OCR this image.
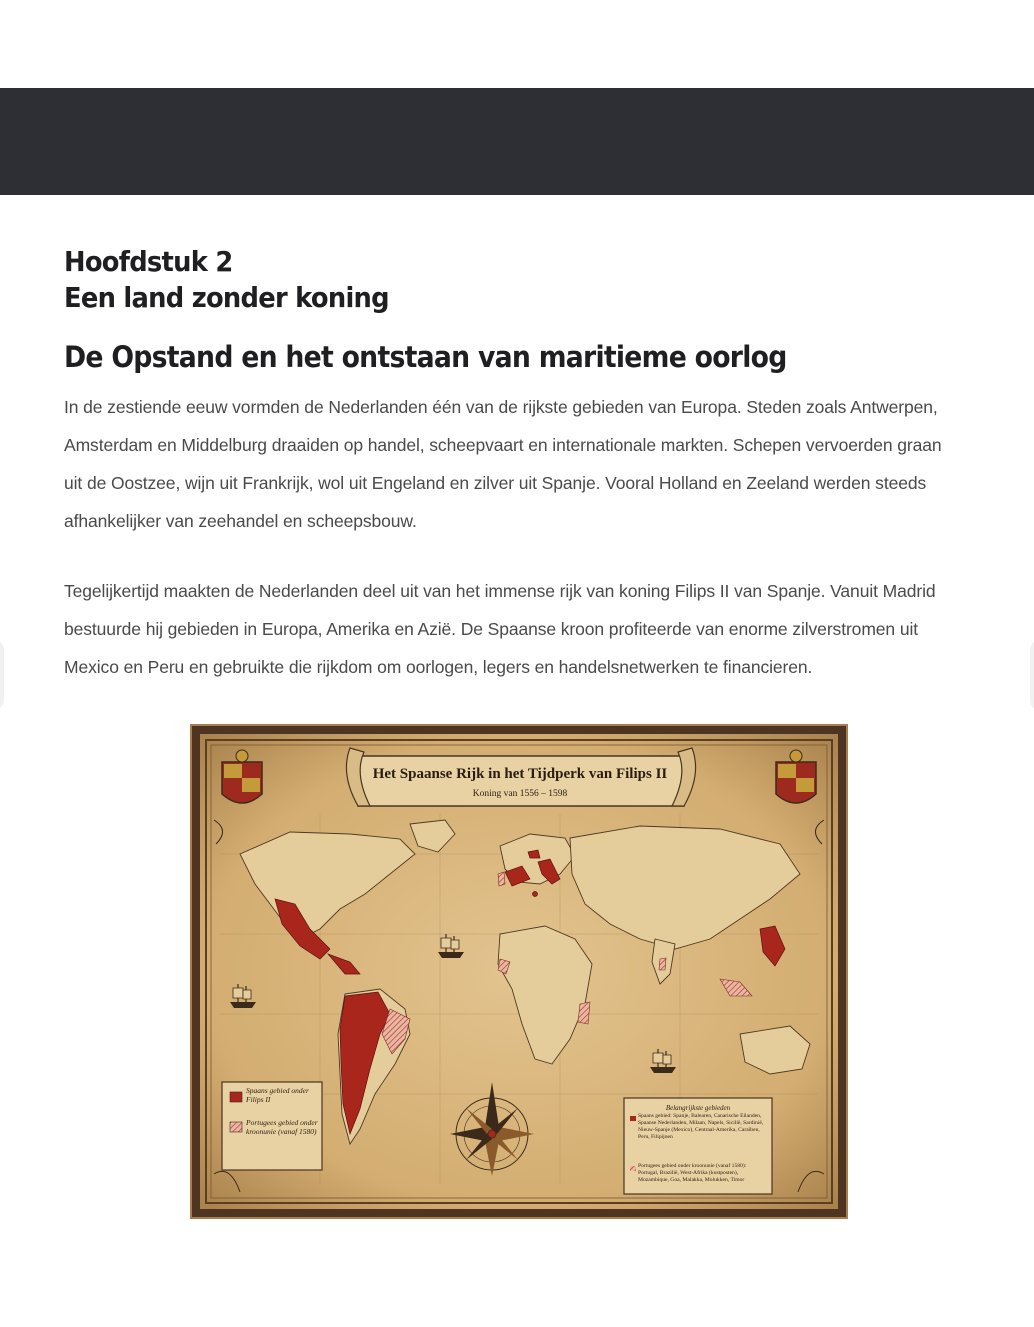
Hoofdstuk 2
Een land zonder koning
De Opstand en het ontstaan van maritieme oorlog

In de zestiende eeuw vormden de Nederlanden één van de rijkste gebieden van Europa. Steden zoals Antwerpen, Amsterdam en Middelburg draaiden op handel, scheepvaart en internationale markten. Schepen vervoerden graan uit de Oostzee, wijn uit Frankrijk, wol uit Engeland en zilver uit Spanje. Vooral Holland en Zeeland werden steeds afhankelijker van zeehandel en scheepsbouw.

Tegelijkertijd maakten de Nederlanden deel uit van het immense rijk van koning Filips II van Spanje. Vanuit Madrid bestuurde hij gebieden in Europa, Amerika en Azië. De Spaanse kroon profiteerde van enorme zilverstromen uit Mexico en Peru en gebruikte die rijkdom om oorlogen, legers en handelsnetwerken te financieren.

Het Spaanse Rijk in het Tijdperk van Filips II
Koning van 1556 – 1598
Spaans gebied onder Filips II
Portugees gebied onder kroonunie (vanaf 1580)
Belangrijkste gebieden
Spaans gebied: Spanje, Balearen, Canarische Eilanden, Spaanse Nederlanden, Milaan, Napels, Sicilië, Sardinië, Nieuw-Spanje (Mexico), Centraal-Amerika, Caraïben, Peru, Filipijnen
Portugees gebied onder kroonunie (vanaf 1580): Portugal, Brazilië, West-Afrika (kustposten), Mozambique, Goa, Malakka, Molukken, Timor
